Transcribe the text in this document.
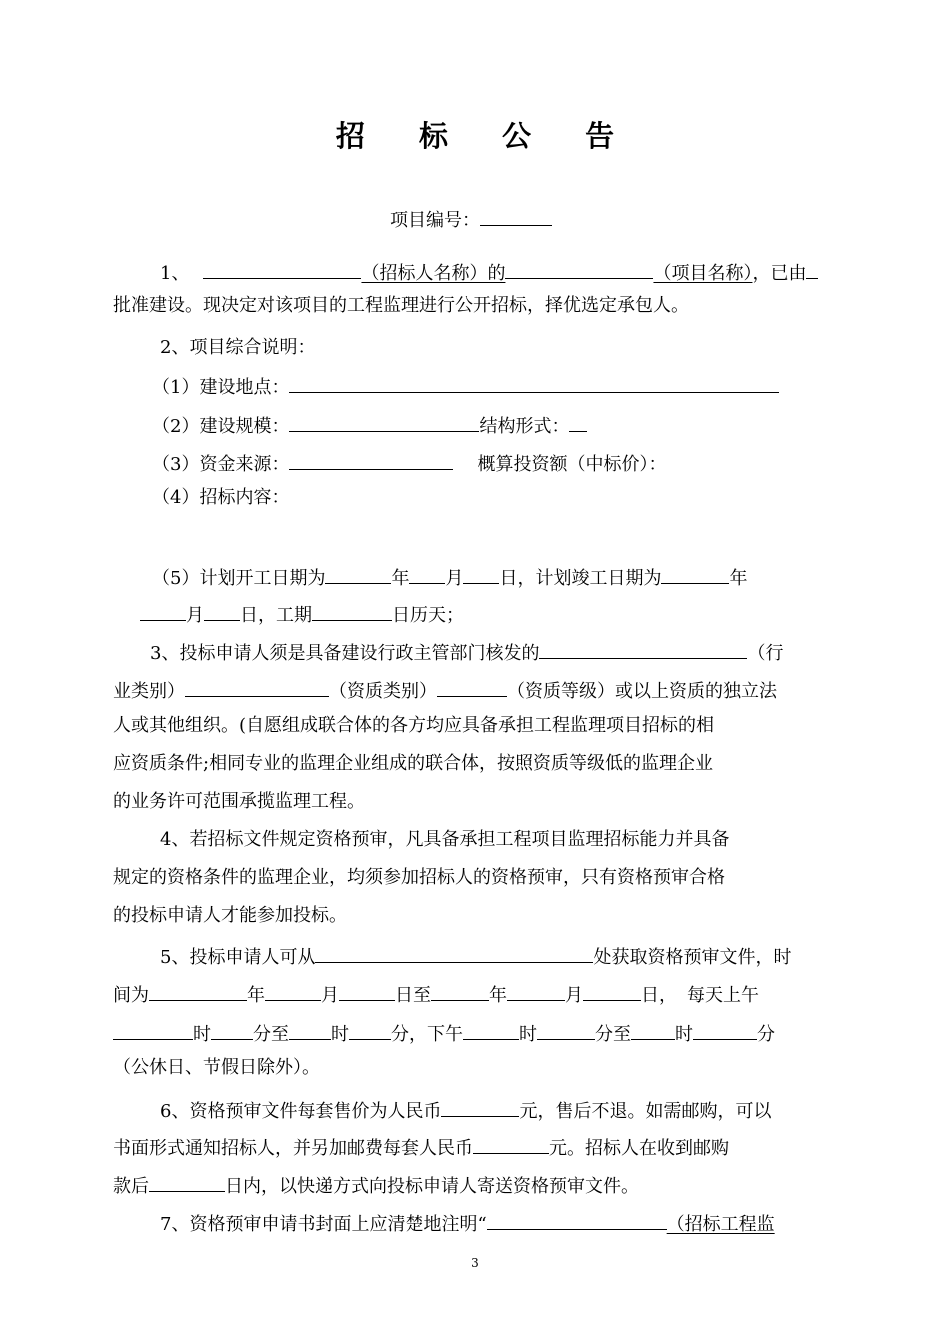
招 标 公 告
项目编号：
1、	（招标人名称）的	（项目名称），已由
批准建设。现决定对该项目的工程监理进行公开招标，择优选定承包人。
2、项目综合说明：
（1）建设地点：
（2）建设规模：	结构形式：
（3）资金来源：	概算投资额（中标价）：
（4）招标内容：
（5）计划开工日期为	年 月 日，计划竣工日期为	年
月 日，工期	日历天；
3、投标申请人须是具备建设行政主管部门核发的	（行
业类别）	（资质类别）	（资质等级）或以上资质的独立法
人或其他组织。(自愿组成联合体的各方均应具备承担工程监理项目招标的相
应资质条件;相同专业的监理企业组成的联合体，按照资质等级低的监理企业
的业务许可范围承揽监理工程。
4、若招标文件规定资格预审，凡具备承担工程项目监理招标能力并具备
规定的资格条件的监理企业，均须参加招标人的资格预审，只有资格预审合格
的投标申请人才能参加投标。
5、投标申请人可从	处获取资格预审文件，时
间为	年	月	日至	年	月	日， 每天上午
时 分至 时 分，下午	时	分至 时	分
（公休日、节假日除外）。
6、资格预审文件每套售价为人民币	元，售后不退。如需邮购，可以
书面形式通知招标人，并另加邮费每套人民币	元。招标人在收到邮购
款后	日内，以快递方式向投标申请人寄送资格预审文件。
7、资格预审申请书封面上应清楚地注明“	（招标工程监
3
